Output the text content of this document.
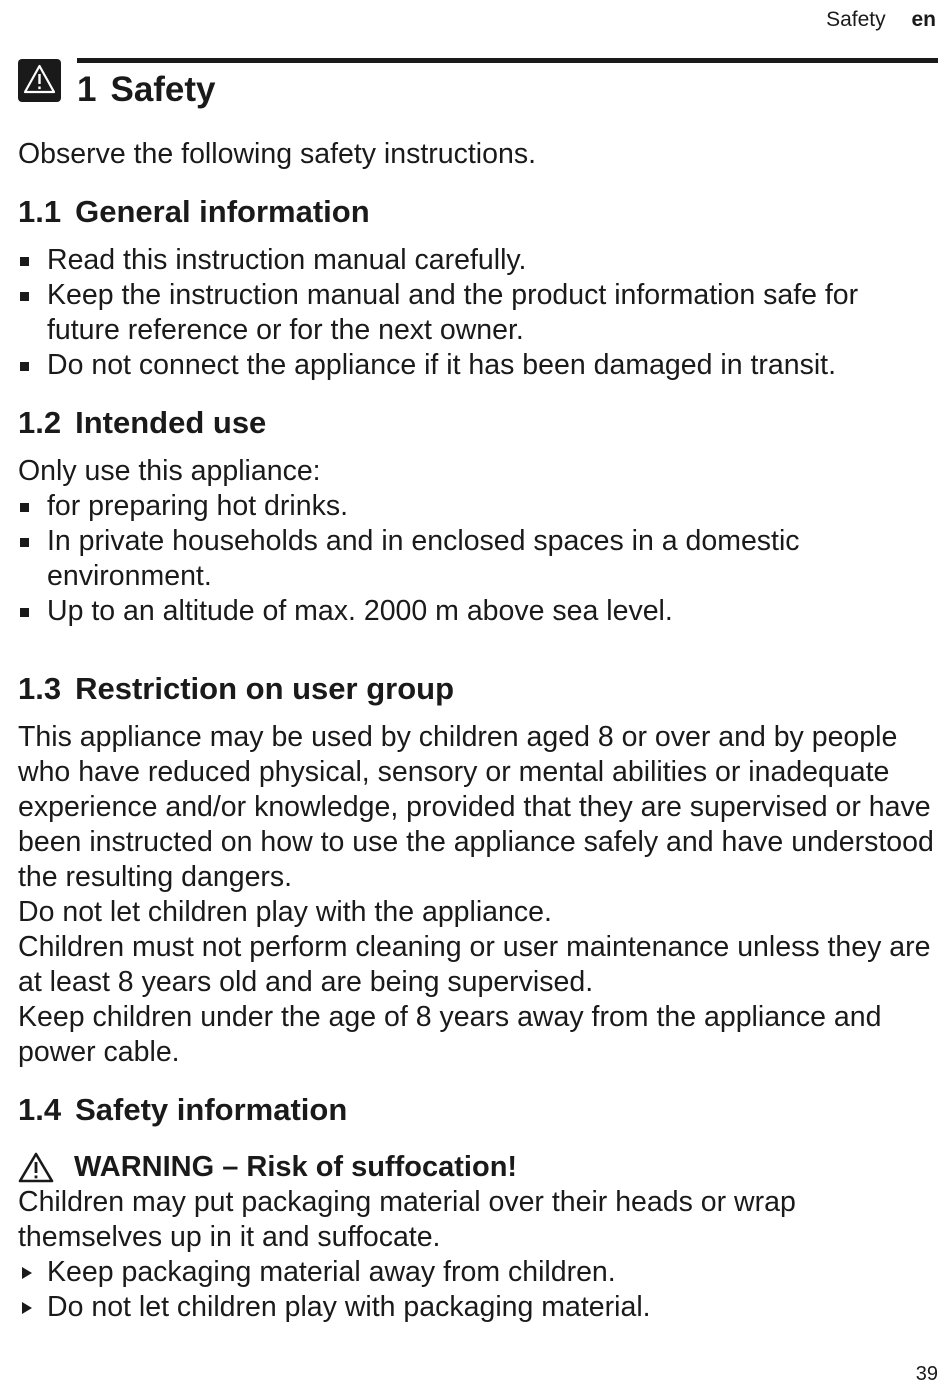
Safety en
1 Safety

Observe the following safety instructions.

1.1 General information
Read this instruction manual carefully.
Keep the instruction manual and the product information safe for future reference or for the next owner.
Do not connect the appliance if it has been damaged in transit.
1.2 Intended use

Only use this appliance:

for preparing hot drinks.
In private households and in enclosed spaces in a domestic environment.
Up to an altitude of max. 2000 m above sea level.
1.3 Restriction on user group

This appliance may be used by children aged 8 or over and by people who have reduced physical, sensory or mental abilities or inadequate experience and/or knowledge, provided that they are supervised or have been instructed on how to use the appliance safely and have understood the resulting dangers.

Do not let children play with the appliance.

Children must not perform cleaning or user maintenance unless they are at least 8 years old and are being supervised.

Keep children under the age of 8 years away from the appliance and power cable.

1.4 Safety information
WARNING – Risk of suffocation!

Children may put packaging material over their heads or wrap themselves up in it and suffocate.

Keep packaging material away from children.
Do not let children play with packaging material.
39
